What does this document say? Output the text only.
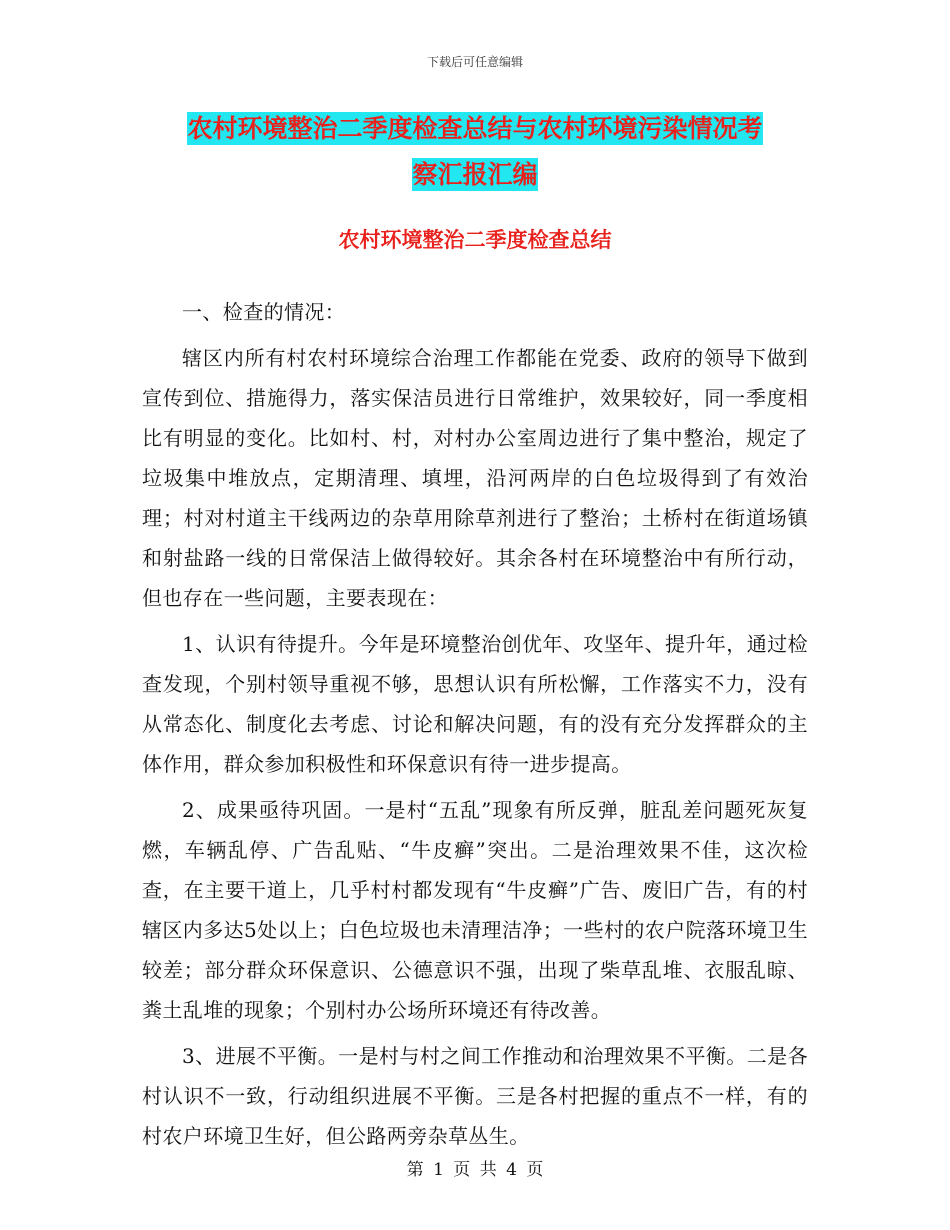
下载后可任意编辑
农村环境整治二季度检查总结与农村环境污染情况考
察汇报汇编
农村环境整治二季度检查总结

一、检查的情况：

辖区内所有村农村环境综合治理工作都能在党委、政府的领导下做到宣传到位、措施得力，落实保洁员进行日常维护，效果较好，同一季度相比有明显的变化。比如村、村，对村办公室周边进行了集中整治，规定了垃圾集中堆放点，定期清理、填埋，沿河两岸的白色垃圾得到了有效治理；村对村道主干线两边的杂草用除草剂进行了整治；土桥村在街道场镇和射盐路一线的日常保洁上做得较好。其余各村在环境整治中有所行动，但也存在一些问题，主要表现在：

1、认识有待提升。今年是环境整治创优年、攻坚年、提升年，通过检查发现，个别村领导重视不够，思想认识有所松懈，工作落实不力，没有从常态化、制度化去考虑、讨论和解决问题，有的没有充分发挥群众的主体作用，群众参加积极性和环保意识有待一进步提高。

2、成果亟待巩固。一是村“五乱”现象有所反弹，脏乱差问题死灰复燃，车辆乱停、广告乱贴、“牛皮癣”突出。二是治理效果不佳，这次检查，在主要干道上，几乎村村都发现有“牛皮癣”广告、废旧广告，有的村辖区内多达5处以上；白色垃圾也未清理洁净；一些村的农户院落环境卫生较差；部分群众环保意识、公德意识不强，出现了柴草乱堆、衣服乱晾、粪土乱堆的现象；个别村办公场所环境还有待改善。

3、进展不平衡。一是村与村之间工作推动和治理效果不平衡。二是各村认识不一致，行动组织进展不平衡。三是各村把握的重点不一样，有的村农户环境卫生好，但公路两旁杂草丛生。

第 1 页 共 4 页
